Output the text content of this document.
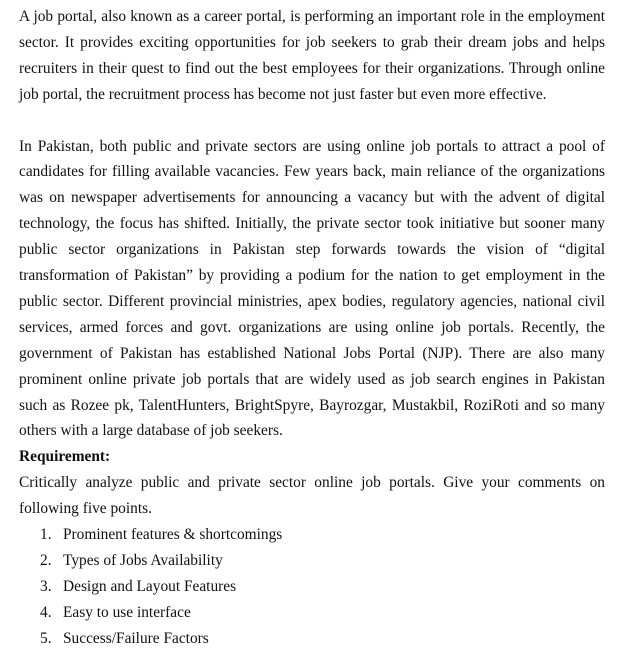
A job portal, also known as a career portal, is performing an important role in the employment sector. It provides exciting opportunities for job seekers to grab their dream jobs and helps recruiters in their quest to find out the best employees for their organizations. Through online job portal, the recruitment process has become not just faster but even more effective.

In Pakistan, both public and private sectors are using online job portals to attract a pool of candidates for filling available vacancies. Few years back, main reliance of the organizations was on newspaper advertisements for announcing a vacancy but with the advent of digital technology, the focus has shifted. Initially, the private sector took initiative but sooner many public sector organizations in Pakistan step forwards towards the vision of “digital transformation of Pakistan” by providing a podium for the nation to get employment in the public sector. Different provincial ministries, apex bodies, regulatory agencies, national civil services, armed forces and govt. organizations are using online job portals. Recently, the government of Pakistan has established National Jobs Portal (NJP). There are also many prominent online private job portals that are widely used as job search engines in Pakistan such as Rozee pk, TalentHunters, BrightSpyre, Bayrozgar, Mustakbil, RoziRoti and so many others with a large database of job seekers.

Requirement:

Critically analyze public and private sector online job portals. Give your comments on following five points.

1. Prominent features & shortcomings
2. Types of Jobs Availability
3. Design and Layout Features
4. Easy to use interface
5. Success/Failure Factors
